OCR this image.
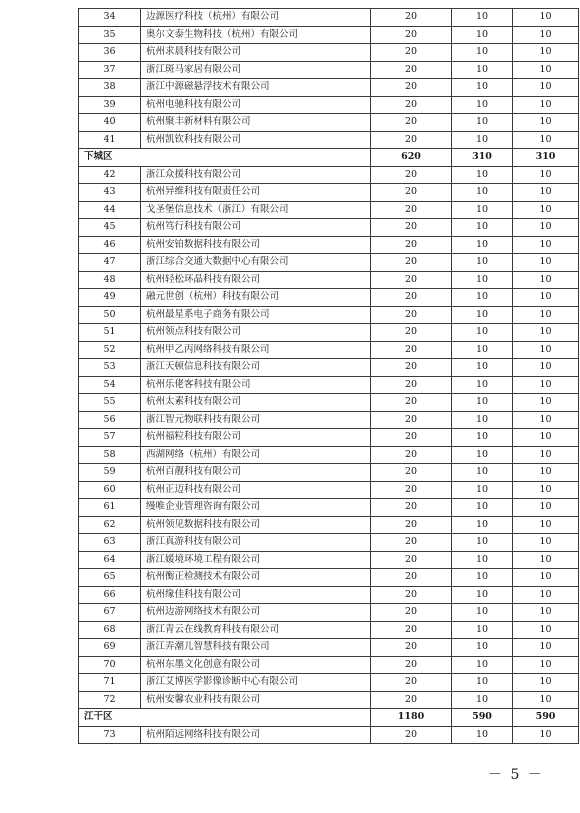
34	边源医疗科技（杭州）有限公司	20	10	10
35	奥尔文泰生物科技（杭州）有限公司	20	10	10
36	杭州求晨科技有限公司	20	10	10
37	浙江斑马家居有限公司	20	10	10
38	浙江中源磁悬浮技术有限公司	20	10	10
39	杭州电驰科技有限公司	20	10	10
40	杭州聚丰新材料有限公司	20	10	10
41	杭州凯钦科技有限公司	20	10	10
下城区		620	310	310
42	浙江众援科技有限公司	20	10	10
43	杭州异维科技有限责任公司	20	10	10
44	戈圣堡信息技术（浙江）有限公司	20	10	10
45	杭州笃行科技有限公司	20	10	10
46	杭州安铂数据科技有限公司	20	10	10
47	浙江综合交通大数据中心有限公司	20	10	10
48	杭州轻松环晶科技有限公司	20	10	10
49	融元世创（杭州）科技有限公司	20	10	10
50	杭州最星系电子商务有限公司	20	10	10
51	杭州领点科技有限公司	20	10	10
52	杭州甲乙丙网络科技有限公司	20	10	10
53	浙江天顿信息科技有限公司	20	10	10
54	杭州乐佬客科技有限公司	20	10	10
55	杭州太素科技有限公司	20	10	10
56	浙江智元物联科技有限公司	20	10	10
57	杭州福粒科技有限公司	20	10	10
58	西湖网络（杭州）有限公司	20	10	10
59	杭州百靓科技有限公司	20	10	10
60	杭州正迈科技有限公司	20	10	10
61	缦唯企业管理咨询有限公司	20	10	10
62	杭州领见数据科技有限公司	20	10	10
63	浙江真游科技有限公司	20	10	10
64	浙江媛境环境工程有限公司	20	10	10
65	杭州衡正检测技术有限公司	20	10	10
66	杭州缘佳科技有限公司	20	10	10
67	杭州边游网络技术有限公司	20	10	10
68	浙江青云在线教育科技有限公司	20	10	10
69	浙江弄潮儿智慧科技有限公司	20	10	10
70	杭州东墨文化创意有限公司	20	10	10
71	浙江艾博医学影像诊断中心有限公司	20	10	10
72	杭州安馨农业科技有限公司	20	10	10
江干区		1180	590	590
73	杭州陌远网络科技有限公司	20	10	10
－ 5 －
